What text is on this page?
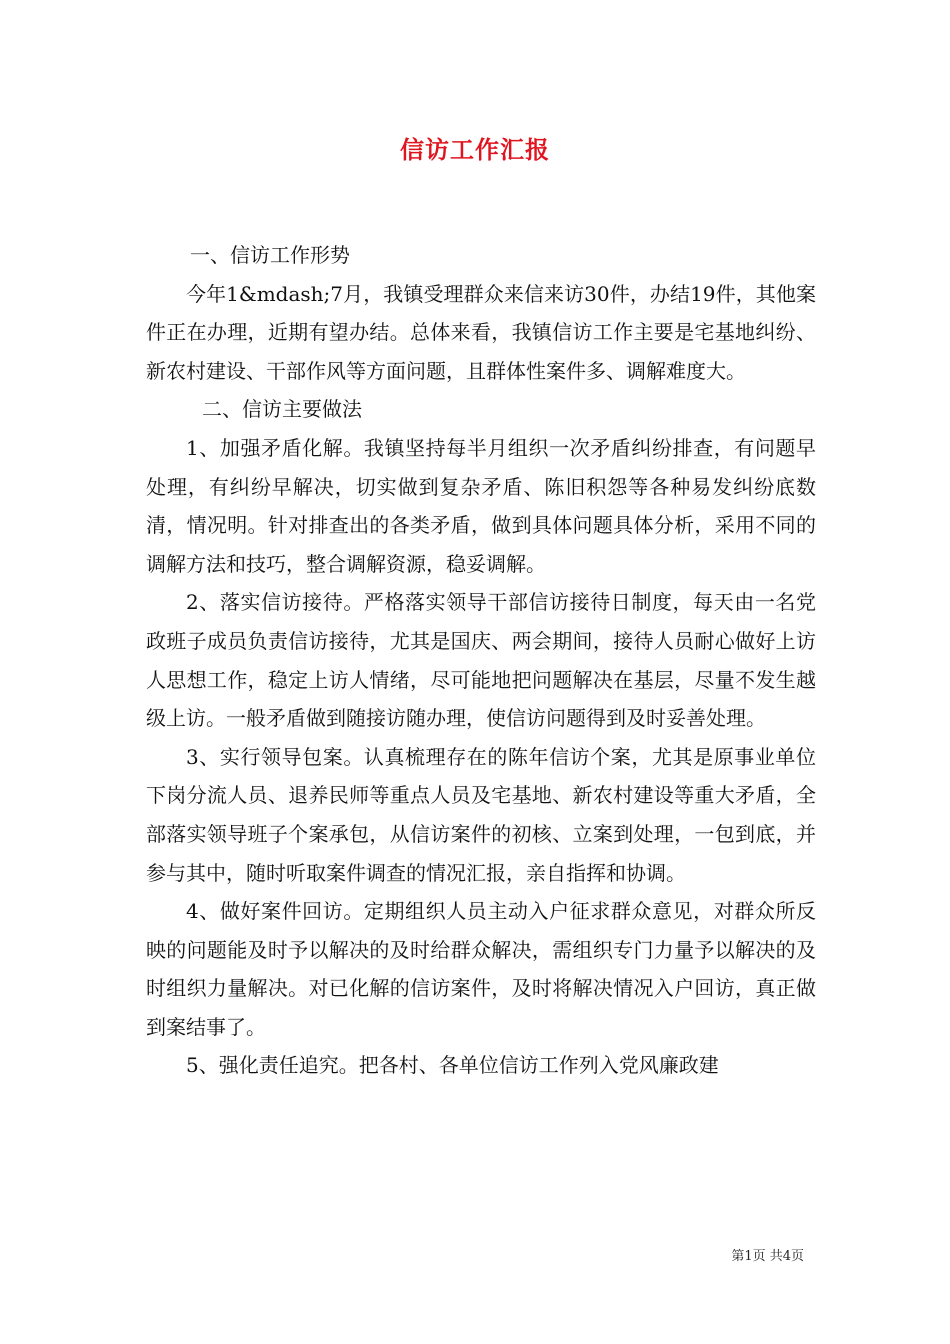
信访工作汇报

一、信访工作形势

今年1&mdash;7月，我镇受理群众来信来访30件，办结19件，其他案件正在办理，近期有望办结。总体来看，我镇信访工作主要是宅基地纠纷、新农村建设、干部作风等方面问题，且群体性案件多、调解难度大。

二、信访主要做法

1、加强矛盾化解。我镇坚持每半月组织一次矛盾纠纷排查，有问题早处理，有纠纷早解决，切实做到复杂矛盾、陈旧积怨等各种易发纠纷底数清，情况明。针对排查出的各类矛盾，做到具体问题具体分析，采用不同的调解方法和技巧，整合调解资源，稳妥调解。

2、落实信访接待。严格落实领导干部信访接待日制度，每天由一名党政班子成员负责信访接待，尤其是国庆、两会期间，接待人员耐心做好上访人思想工作，稳定上访人情绪，尽可能地把问题解决在基层，尽量不发生越级上访。一般矛盾做到随接访随办理，使信访问题得到及时妥善处理。

3、实行领导包案。认真梳理存在的陈年信访个案，尤其是原事业单位下岗分流人员、退养民师等重点人员及宅基地、新农村建设等重大矛盾，全部落实领导班子个案承包，从信访案件的初核、立案到处理，一包到底，并参与其中，随时听取案件调查的情况汇报，亲自指挥和协调。

4、做好案件回访。定期组织人员主动入户征求群众意见，对群众所反映的问题能及时予以解决的及时给群众解决，需组织专门力量予以解决的及时组织力量解决。对已化解的信访案件，及时将解决情况入户回访，真正做到案结事了。

5、强化责任追究。把各村、各单位信访工作列入党风廉政建

第1页 共4页
